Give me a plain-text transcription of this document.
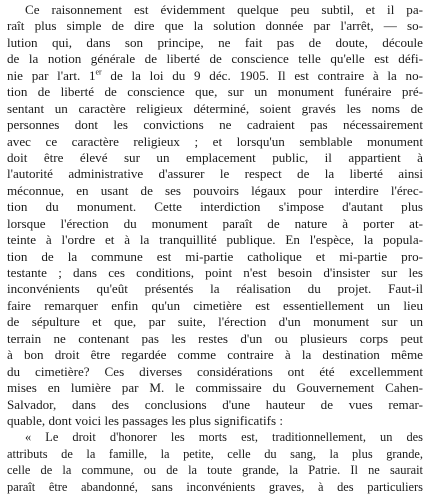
Ce raisonnement est évidemment quelque peu subtil, et il pa-
raît plus simple de dire que la solution donnée par l'arrêt, — so-
lution qui, dans son principe, ne fait pas de doute, découle
de la notion générale de liberté de conscience telle qu'elle est défi-
nie par l'art. 1er de la loi du 9 déc. 1905. Il est contraire à la no-
tion de liberté de conscience que, sur un monument funéraire pré-
sentant un caractère religieux déterminé, soient gravés les noms de
personnes dont les convictions ne cadraient pas nécessairement
avec ce caractère religieux ; et lorsqu'un semblable monument
doit être élevé sur un emplacement public, il appartient à
l'autorité administrative d'assurer le respect de la liberté ainsi
méconnue, en usant de ses pouvoirs légaux pour interdire l'érec-
tion du monument. Cette interdiction s'impose d'autant plus
lorsque l'érection du monument paraît de nature à porter at-
teinte à l'ordre et à la tranquillité publique. En l'espèce, la popula-
tion de la commune est mi-partie catholique et mi-partie pro-
testante ; dans ces conditions, point n'est besoin d'insister sur les
inconvénients qu'eût présentés la réalisation du projet. Faut-il
faire remarquer enfin qu'un cimetière est essentiellement un lieu
de sépulture et que, par suite, l'érection d'un monument sur un
terrain ne contenant pas les restes d'un ou plusieurs corps peut
à bon droit être regardée comme contraire à la destination même
du cimetière? Ces diverses considérations ont été excellemment
mises en lumière par M. le commissaire du Gouvernement Cahen-
Salvador, dans des conclusions d'une hauteur de vues remar-
quable, dont voici les passages les plus significatifs :
« Le droit d'honorer les morts est, traditionnellement, un des
attributs de la famille, la petite, celle du sang, la plus grande,
celle de la commune, ou de la toute grande, la Patrie. Il ne saurait
paraît être abandonné, sans inconvénients graves, à des particuliers
